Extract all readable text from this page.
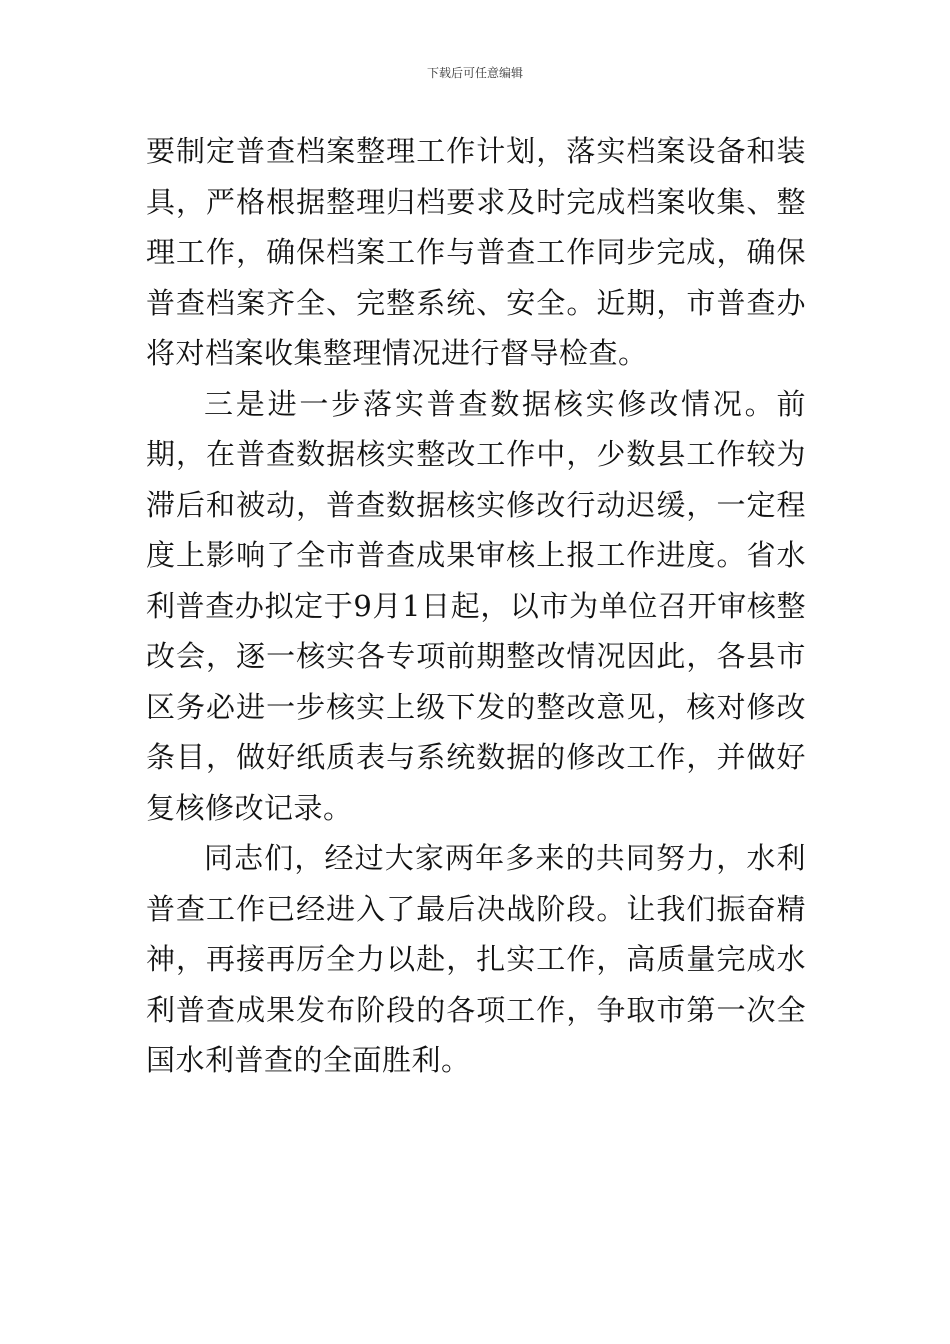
下载后可任意编辑

要制定普查档案整理工作计划，落实档案设备和装具，严格根据整理归档要求及时完成档案收集、整理工作，确保档案工作与普查工作同步完成，确保普查档案齐全、完整系统、安全。近期，市普查办将对档案收集整理情况进行督导检查。

三是进一步落实普查数据核实修改情况。前期，在普查数据核实整改工作中，少数县工作较为滞后和被动，普查数据核实修改行动迟缓，一定程度上影响了全市普查成果审核上报工作进度。省水利普查办拟定于9月1日起，以市为单位召开审核整改会，逐一核实各专项前期整改情况因此，各县市区务必进一步核实上级下发的整改意见，核对修改条目，做好纸质表与系统数据的修改工作，并做好复核修改记录。

同志们，经过大家两年多来的共同努力，水利普查工作已经进入了最后决战阶段。让我们振奋精神，再接再厉全力以赴，扎实工作，高质量完成水利普查成果发布阶段的各项工作，争取市第一次全国水利普查的全面胜利。
